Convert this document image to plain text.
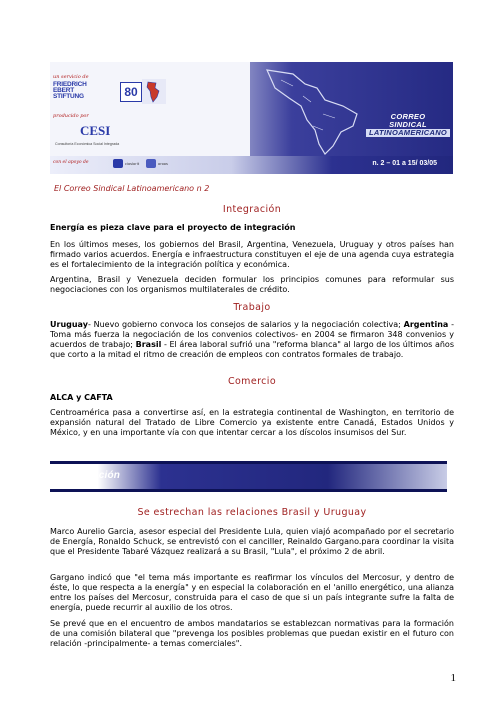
un servicio de
FRIEDRICH
EBERT
STIFTUNG	80
producido por
CESI
Consultoría Económica Social Integrada
CORREO
SINDICAL
LATINOAMERICANO
con el apoyo de	cioslorit	oroos	n. 2 – 01 a 15/ 03/05
El Correo Sindical Latinoamericano n 2
Integración
Energía es pieza clave para el proyecto de integración

En los últimos meses, los gobiernos del Brasil, Argentina, Venezuela, Uruguay y otros países han firmado varios acuerdos. Energía e infraestructura constituyen el eje de una agenda cuya estrategia es el fortalecimiento de la integración política y económica.

Argentina, Brasil y Venezuela deciden formular los principios comunes para reformular sus negociaciones con los organismos multilaterales de crédito.

Trabajo

Uruguay- Nuevo gobierno convoca los consejos de salarios y la negociación colectiva; Argentina - Toma más fuerza la negociación de los convenios colectivos- en 2004 se firmaron 348 convenios y acuerdos de trabajo; Brasil - El área laboral sufrió una "reforma blanca" al largo de los últimos años que corto a la mitad el ritmo de creación de empleos con contratos formales de trabajo.

Comercio
ALCA y CAFTA

Centroamérica pasa a convertirse así, en la estrategia continental de Washington, en territorio de expansión natural del Tratado de Libre Comercio ya existente entre Canadá, Estados Unidos y México, y en una importante vía con que intentar cercar a los díscolos insumisos del Sur.

Integración
Se estrechan las relaciones Brasil y Uruguay

Marco Aurelio Garcia, asesor especial del Presidente Lula, quien viajó acompañado por el secretario de Energía, Ronaldo Schuck, se entrevistó con el canciller, Reinaldo Gargano.para coordinar la visita que el Presidente Tabaré Vázquez realizará a su Brasil, "Lula", el próximo 2 de abril.

Gargano indicó que "el tema más importante es reafirmar los vínculos del Mercosur, y dentro de éste, lo que respecta a la energía" y en especial la colaboración en el 'anillo energético, una alianza entre los países del Mercosur, construida para el caso de que si un país integrante sufre la falta de energía, puede recurrir al auxilio de los otros.

Se prevé que en el encuentro de ambos mandatarios se establezcan normativas para la formación de una comisión bilateral que "prevenga los posibles problemas que puedan existir en el futuro con relación -principalmente- a temas comerciales".

1
